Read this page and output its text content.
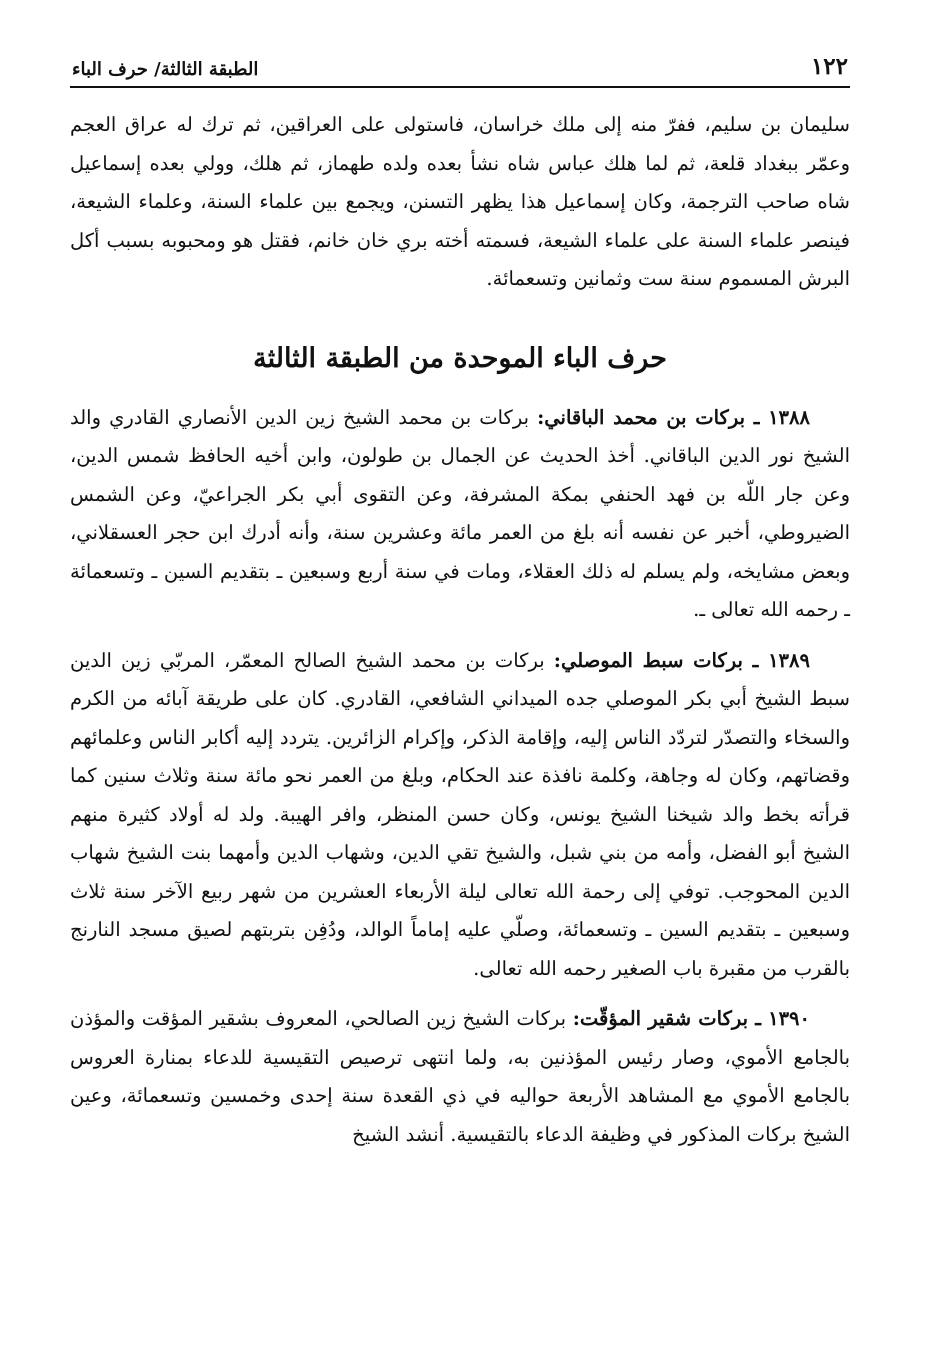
١٢٢
الطبقة الثالثة/ حرف الباء

سليمان بن سليم، ففرّ منه إلى ملك خراسان، فاستولى على العراقين، ثم ترك له عراق العجم وعمّر ببغداد قلعة، ثم لما هلك عباس شاه نشأ بعده ولده طهماز، ثم هلك، وولي بعده إسماعيل شاه صاحب الترجمة، وكان إسماعيل هذا يظهر التسنن، ويجمع بين علماء السنة، وعلماء الشيعة، فينصر علماء السنة على علماء الشيعة، فسمته أخته بري خان خانم، فقتل هو ومحبوبه بسبب أكل البرش المسموم سنة ست وثمانين وتسعمائة.

حرف الباء الموحدة من الطبقة الثالثة

١٣٨٨ ـ بركات بن محمد الباقاني: بركات بن محمد الشيخ زين الدين الأنصاري القادري والد الشيخ نور الدين الباقاني. أخذ الحديث عن الجمال بن طولون، وابن أخيه الحافظ شمس الدين، وعن جار اللّه بن فهد الحنفي بمكة المشرفة، وعن التقوى أبي بكر الجراعيّ، وعن الشمس الضيروطي، أخبر عن نفسه أنه بلغ من العمر مائة وعشرين سنة، وأنه أدرك ابن حجر العسقلاني، وبعض مشايخه، ولم يسلم له ذلك العقلاء، ومات في سنة أربع وسبعين ـ بتقديم السين ـ وتسعمائة ـ رحمه الله تعالى ـ.

١٣٨٩ ـ بركات سبط الموصلي: بركات بن محمد الشيخ الصالح المعمّر، المربّي زين الدين سبط الشيخ أبي بكر الموصلي جده الميداني الشافعي، القادري. كان على طريقة آبائه من الكرم والسخاء والتصدّر لتردّد الناس إليه، وإقامة الذكر، وإكرام الزائرين. يتردد إليه أكابر الناس وعلمائهم وقضاتهم، وكان له وجاهة، وكلمة نافذة عند الحكام، وبلغ من العمر نحو مائة سنة وثلاث سنين كما قرأته بخط والد شيخنا الشيخ يونس، وكان حسن المنظر، وافر الهيبة. ولد له أولاد كثيرة منهم الشيخ أبو الفضل، وأمه من بني شبل، والشيخ تقي الدين، وشهاب الدين وأمهما بنت الشيخ شهاب الدين المحوجب. توفي إلى رحمة الله تعالى ليلة الأربعاء العشرين من شهر ربيع الآخر سنة ثلاث وسبعين ـ بتقديم السين ـ وتسعمائة، وصلّي عليه إماماً الوالد، ودُفِن بتربتهم لصيق مسجد النارنج بالقرب من مقبرة باب الصغير رحمه الله تعالى.

١٣٩٠ ـ بركات شقير المؤقّت: بركات الشيخ زين الصالحي، المعروف بشقير المؤقت والمؤذن بالجامع الأموي، وصار رئيس المؤذنين به، ولما انتهى ترصيص التقيسية للدعاء بمنارة العروس بالجامع الأموي مع المشاهد الأربعة حواليه في ذي القعدة سنة إحدى وخمسين وتسعمائة، وعين الشيخ بركات المذكور في وظيفة الدعاء بالتقيسية. أنشد الشيخ
